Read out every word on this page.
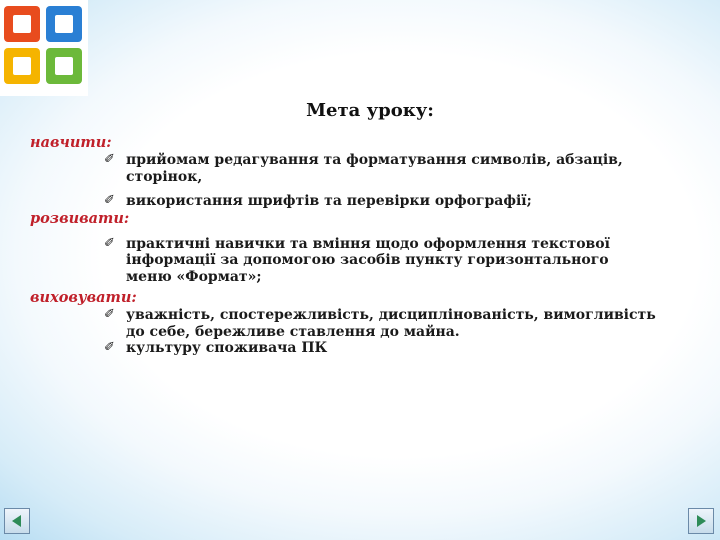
Мета уроку:
навчити:
✐ прийомам редагування та форматування символів, абзаців,
сторінок,
✐ використання шрифтів та перевірки орфографії;
розвивати:
✐ практичні навички та вміння щодо оформлення текстової
інформації за допомогою засобів пункту горизонтального
меню «Формат»;
виховувати:
✐ уважність, спостережливість, дисциплінованість, вимогливість
до себе, бережливе ставлення до майна.
✐ культуру споживача ПК
